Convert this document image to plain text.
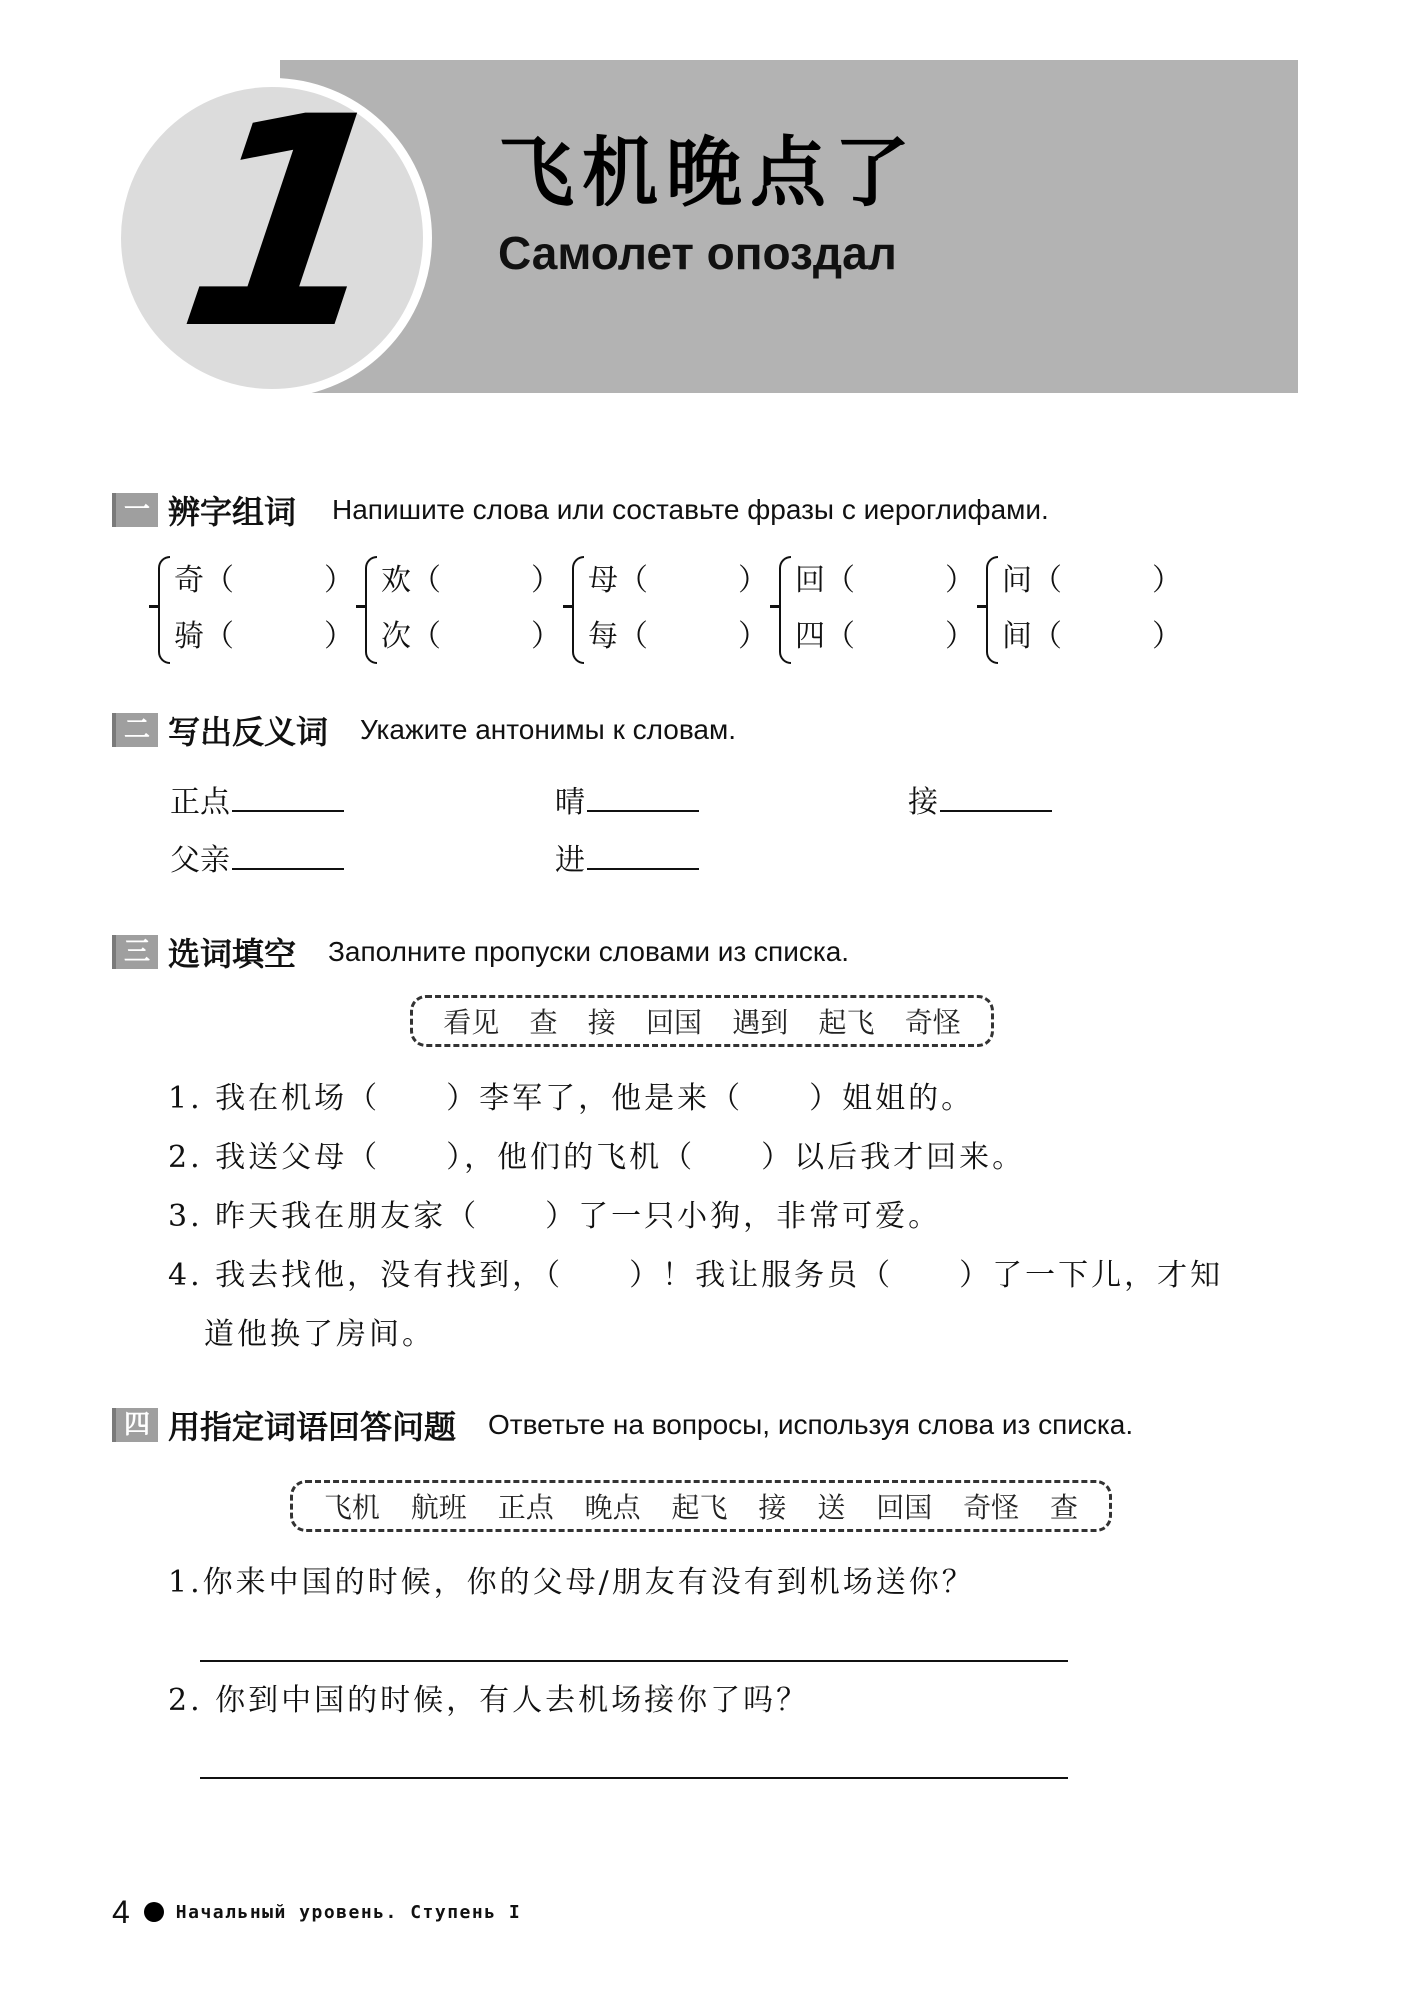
1 飞机晚点了
Самолет опоздал
一 辨字组词 Напишите слова или составьте фразы с иероглифами.
奇（	）
骑（	）
欢（	）
次（	）
母（	）
每（	）
回（	）
四（	）
问（	）
间（	）
二 写出反义词 Укажите антонимы к словам.
正点	晴	接
父亲	进
三 选词填空 Заполните пропуски словами из списка.
看见 查 接 回国 遇到 起飞 奇怪
1. 我在机场（　　）李军了，他是来（　　）姐姐的。
2. 我送父母（　　），他们的飞机（　　）以后我才回来。
3. 昨天我在朋友家（　　）了一只小狗，非常可爱。
4. 我去找他，没有找到，（　　）！我让服务员（　　）了一下儿，才知
道他换了房间。
四 用指定词语回答问题 Ответьте на вопросы, используя слова из списка.
飞机 航班 正点 晚点 起飞 接 送 回国 奇怪 查
1.你来中国的时候，你的父母/朋友有没有到机场送你？
2. 你到中国的时候，有人去机场接你了吗？
4	Начальный уровень. Ступень I
